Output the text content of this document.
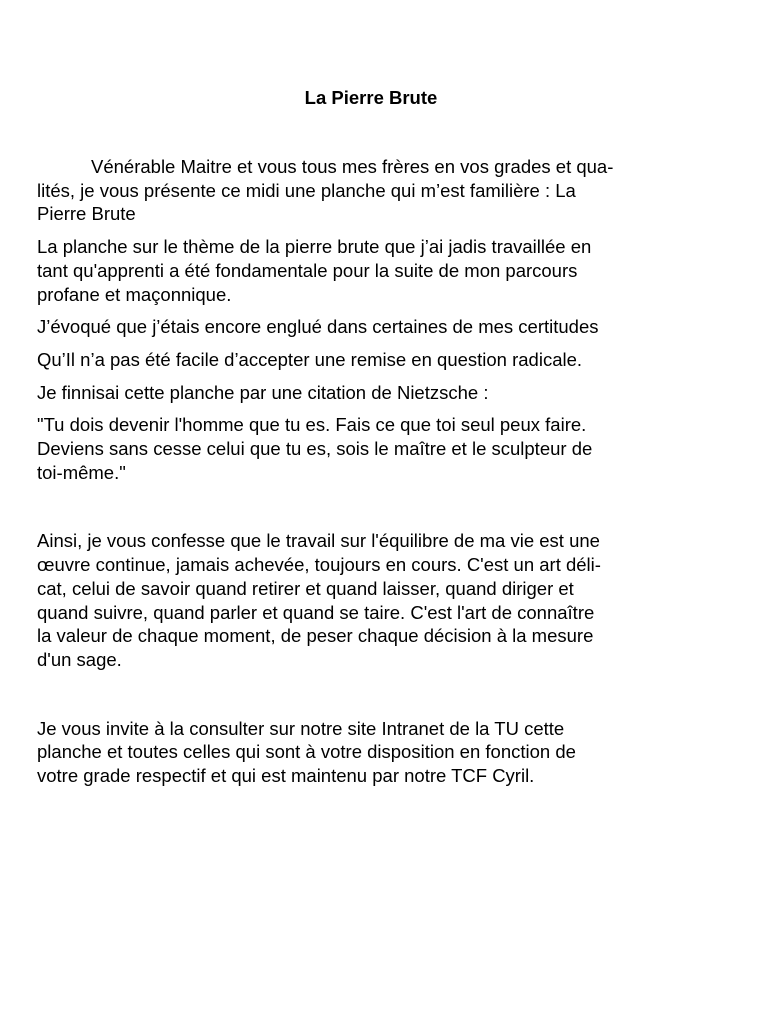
La Pierre Brute
Vénérable Maitre et vous tous mes frères en vos grades et qua-
lités, je vous présente ce midi une planche qui m’est familière : La
Pierre Brute
La planche sur le thème de la pierre brute que j’ai jadis travaillée en
tant qu'apprenti a été fondamentale pour la suite de mon parcours
profane et maçonnique.
J’évoqué que j’étais encore englué dans certaines de mes certitudes
Qu’Il n’a pas été facile d’accepter une remise en question radicale.
Je finnisai cette planche par une citation de Nietzsche :
"Tu dois devenir l'homme que tu es. Fais ce que toi seul peux faire.
Deviens sans cesse celui que tu es, sois le maître et le sculpteur de
toi-même."
Ainsi, je vous confesse que le travail sur l'équilibre de ma vie est une
œuvre continue, jamais achevée, toujours en cours. C'est un art déli-
cat, celui de savoir quand retirer et quand laisser, quand diriger et
quand suivre, quand parler et quand se taire. C'est l'art de connaître
la valeur de chaque moment, de peser chaque décision à la mesure
d'un sage.
Je vous invite à la consulter sur notre site Intranet de la TU cette
planche et toutes celles qui sont à votre disposition en fonction de
votre grade respectif et qui est maintenu par notre TCF Cyril.
